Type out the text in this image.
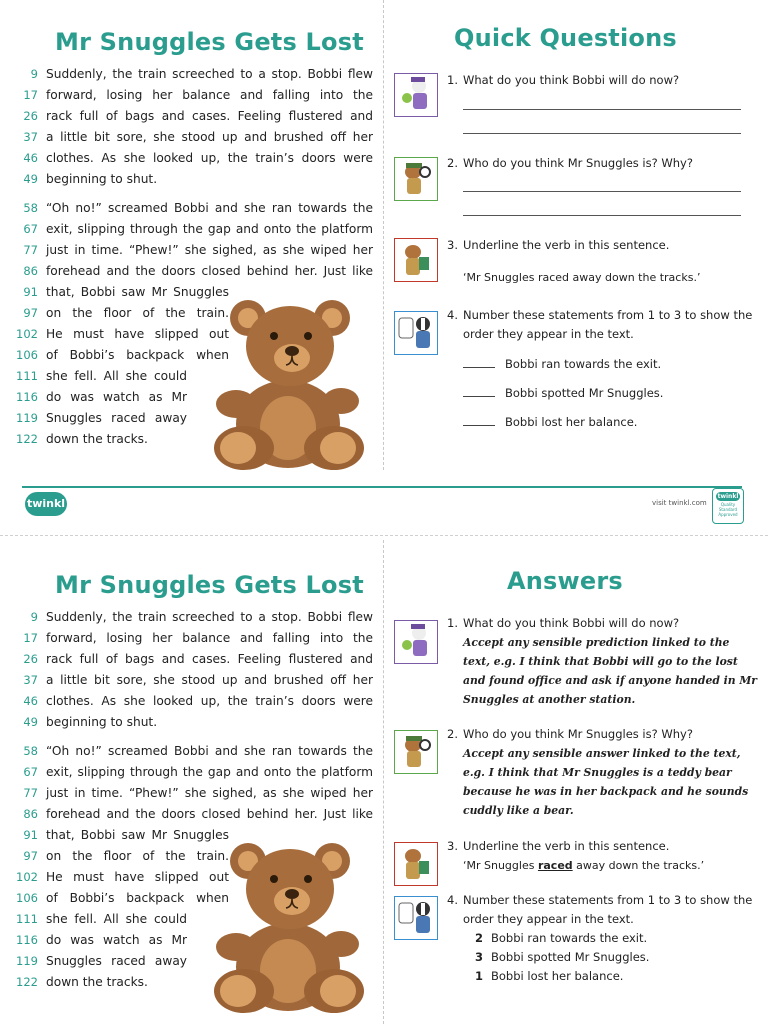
Mr Snuggles Gets Lost
9 Suddenly, the train screeched to a stop. Bobbi flew
17 forward, losing her balance and falling into the
26 rack full of bags and cases. Feeling flustered and
37 a little bit sore, she stood up and brushed off her
46 clothes. As she looked up, the train’s doors were
49 beginning to shut.
58 “Oh no!” screamed Bobbi and she ran towards the
67 exit, slipping through the gap and onto the platform
77 just in time. “Phew!” she sighed, as she wiped her
86 forehead and the doors closed behind her. Just like
91 that, Bobbi saw Mr Snuggles
97 on the floor of the train.
102 He must have slipped out
106 of Bobbi’s backpack when
111 she fell. All she could
116 do was watch as Mr
119 Snuggles raced away
122 down the tracks.
Quick Questions
1. What do you think Bobbi will do now?
2. Who do you think Mr Snuggles is? Why?
3. Underline the verb in this sentence.
‘Mr Snuggles raced away down the tracks.’
4. Number these statements from 1 to 3 to show the
order they appear in the text.
Bobbi ran towards the exit.
Bobbi spotted Mr Snuggles.
Bobbi lost her balance.
twinkl	visit twinkl.com
twinkl
Quality Standard Approved
Mr Snuggles Gets Lost
9 Suddenly, the train screeched to a stop. Bobbi flew
17 forward, losing her balance and falling into the
26 rack full of bags and cases. Feeling flustered and
37 a little bit sore, she stood up and brushed off her
46 clothes. As she looked up, the train’s doors were
49 beginning to shut.
58 “Oh no!” screamed Bobbi and she ran towards the
67 exit, slipping through the gap and onto the platform
77 just in time. “Phew!” she sighed, as she wiped her
86 forehead and the doors closed behind her. Just like
91 that, Bobbi saw Mr Snuggles
97 on the floor of the train.
102 He must have slipped out
106 of Bobbi’s backpack when
111 she fell. All she could
116 do was watch as Mr
119 Snuggles raced away
122 down the tracks.
Answers
1. What do you think Bobbi will do now?
Accept any sensible prediction linked to the
text, e.g. I think that Bobbi will go to the lost
and found office and ask if anyone handed in Mr
Snuggles at another station.
2. Who do you think Mr Snuggles is? Why?
Accept any sensible answer linked to the text,
e.g. I think that Mr Snuggles is a teddy bear
because he was in her backpack and he sounds
cuddly like a bear.
3. Underline the verb in this sentence.
‘Mr Snuggles raced away down the tracks.’
4. Number these statements from 1 to 3 to show the
order they appear in the text.
2 Bobbi ran towards the exit.
3 Bobbi spotted Mr Snuggles.
1 Bobbi lost her balance.
